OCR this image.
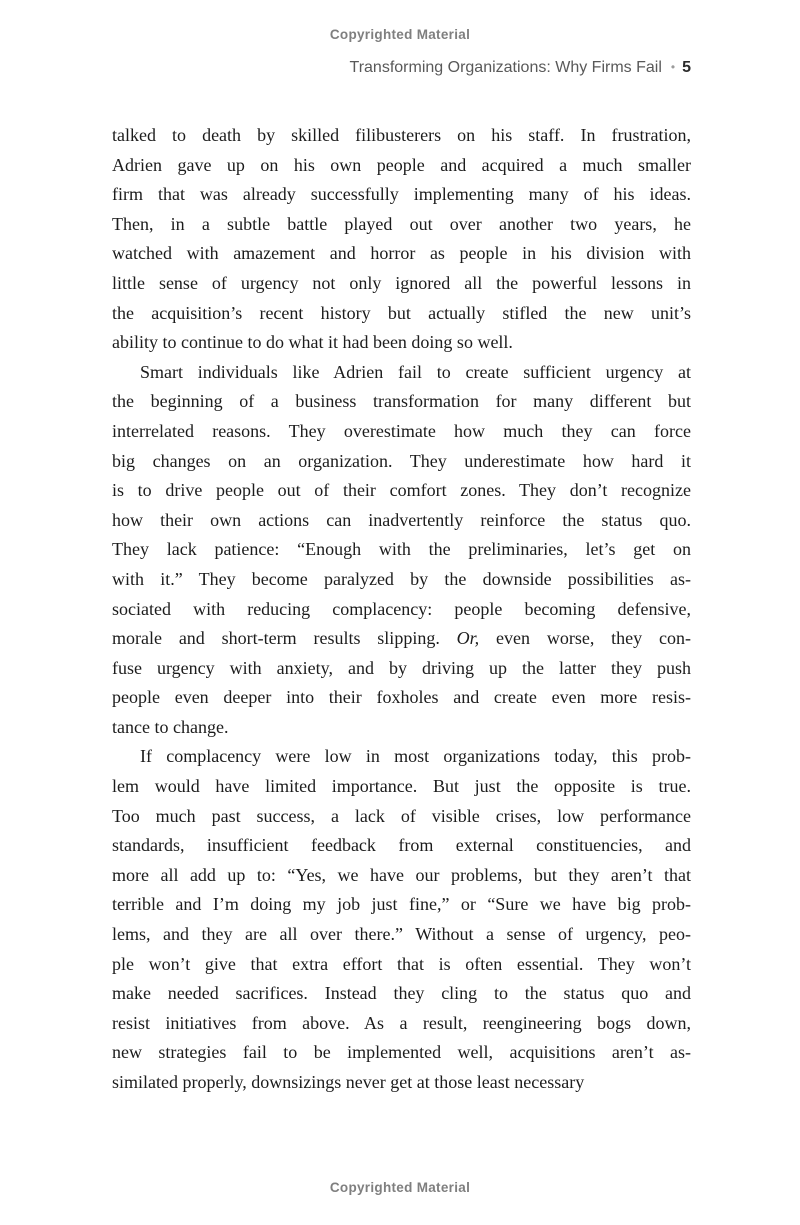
Copyrighted Material
Transforming Organizations: Why Firms Fail • 5
talked to death by skilled filibusterers on his staff. In frustration,
Adrien gave up on his own people and acquired a much smaller
firm that was already successfully implementing many of his ideas.
Then, in a subtle battle played out over another two years, he
watched with amazement and horror as people in his division with
little sense of urgency not only ignored all the powerful lessons in
the acquisition’s recent history but actually stifled the new unit’s
ability to continue to do what it had been doing so well.
Smart individuals like Adrien fail to create sufficient urgency at
the beginning of a business transformation for many different but
interrelated reasons. They overestimate how much they can force
big changes on an organization. They underestimate how hard it
is to drive people out of their comfort zones. They don’t recognize
how their own actions can inadvertently reinforce the status quo.
They lack patience: “Enough with the preliminaries, let’s get on
with it.” They become paralyzed by the downside possibilities as-
sociated with reducing complacency: people becoming defensive,
morale and short-term results slipping. Or, even worse, they con-
fuse urgency with anxiety, and by driving up the latter they push
people even deeper into their foxholes and create even more resis-
tance to change.
If complacency were low in most organizations today, this prob-
lem would have limited importance. But just the opposite is true.
Too much past success, a lack of visible crises, low performance
standards, insufficient feedback from external constituencies, and
more all add up to: “Yes, we have our problems, but they aren’t that
terrible and I’m doing my job just fine,” or “Sure we have big prob-
lems, and they are all over there.” Without a sense of urgency, peo-
ple won’t give that extra effort that is often essential. They won’t
make needed sacrifices. Instead they cling to the status quo and
resist initiatives from above. As a result, reengineering bogs down,
new strategies fail to be implemented well, acquisitions aren’t as-
similated properly, downsizings never get at those least necessary
Copyrighted Material
